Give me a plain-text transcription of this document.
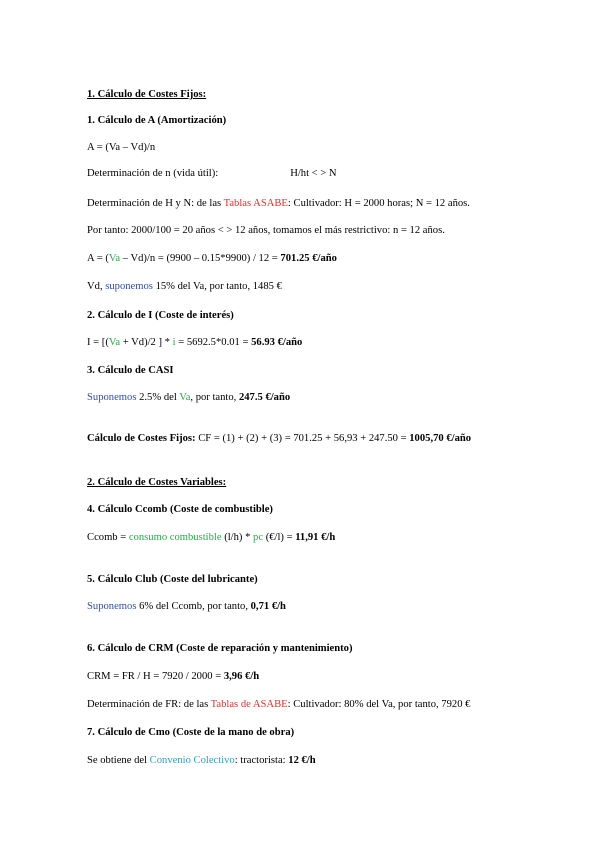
1. Cálculo de Costes Fijos:
1. Cálculo de A (Amortización)
A = (Va – Vd)/n
Determinación de n (vida útil):	H/ht < > N
Determinación de H y N: de las Tablas ASABE: Cultivador: H = 2000 horas; N = 12 años.
Por tanto: 2000/100 = 20 años < > 12 años, tomamos el más restrictivo: n = 12 años.
A = (Va – Vd)/n = (9900 – 0.15*9900) / 12 = 701.25 €/año
Vd, suponemos 15% del Va, por tanto, 1485 €
2. Cálculo de I (Coste de interés)
I = [(Va + Vd)/2 ] * i = 5692.5*0.01 = 56.93 €/año
3. Cálculo de CASI
Suponemos 2.5% del Va, por tanto, 247.5 €/año
Cálculo de Costes Fijos: CF = (1) + (2) + (3) = 701.25 + 56,93 + 247.50 = 1005,70 €/año
2. Cálculo de Costes Variables:
4. Cálculo Ccomb (Coste de combustible)
Ccomb = consumo combustible (l/h) * pc (€/l) = 11,91 €/h
5. Cálculo Club (Coste del lubricante)
Suponemos 6% del Ccomb, por tanto, 0,71 €/h
6. Cálculo de CRM (Coste de reparación y mantenimiento)
CRM = FR / H = 7920 / 2000 = 3,96 €/h
Determinación de FR: de las Tablas de ASABE: Cultivador: 80% del Va, por tanto, 7920 €
7. Cálculo de Cmo (Coste de la mano de obra)
Se obtiene del Convenio Colectivo: tractorista: 12 €/h
